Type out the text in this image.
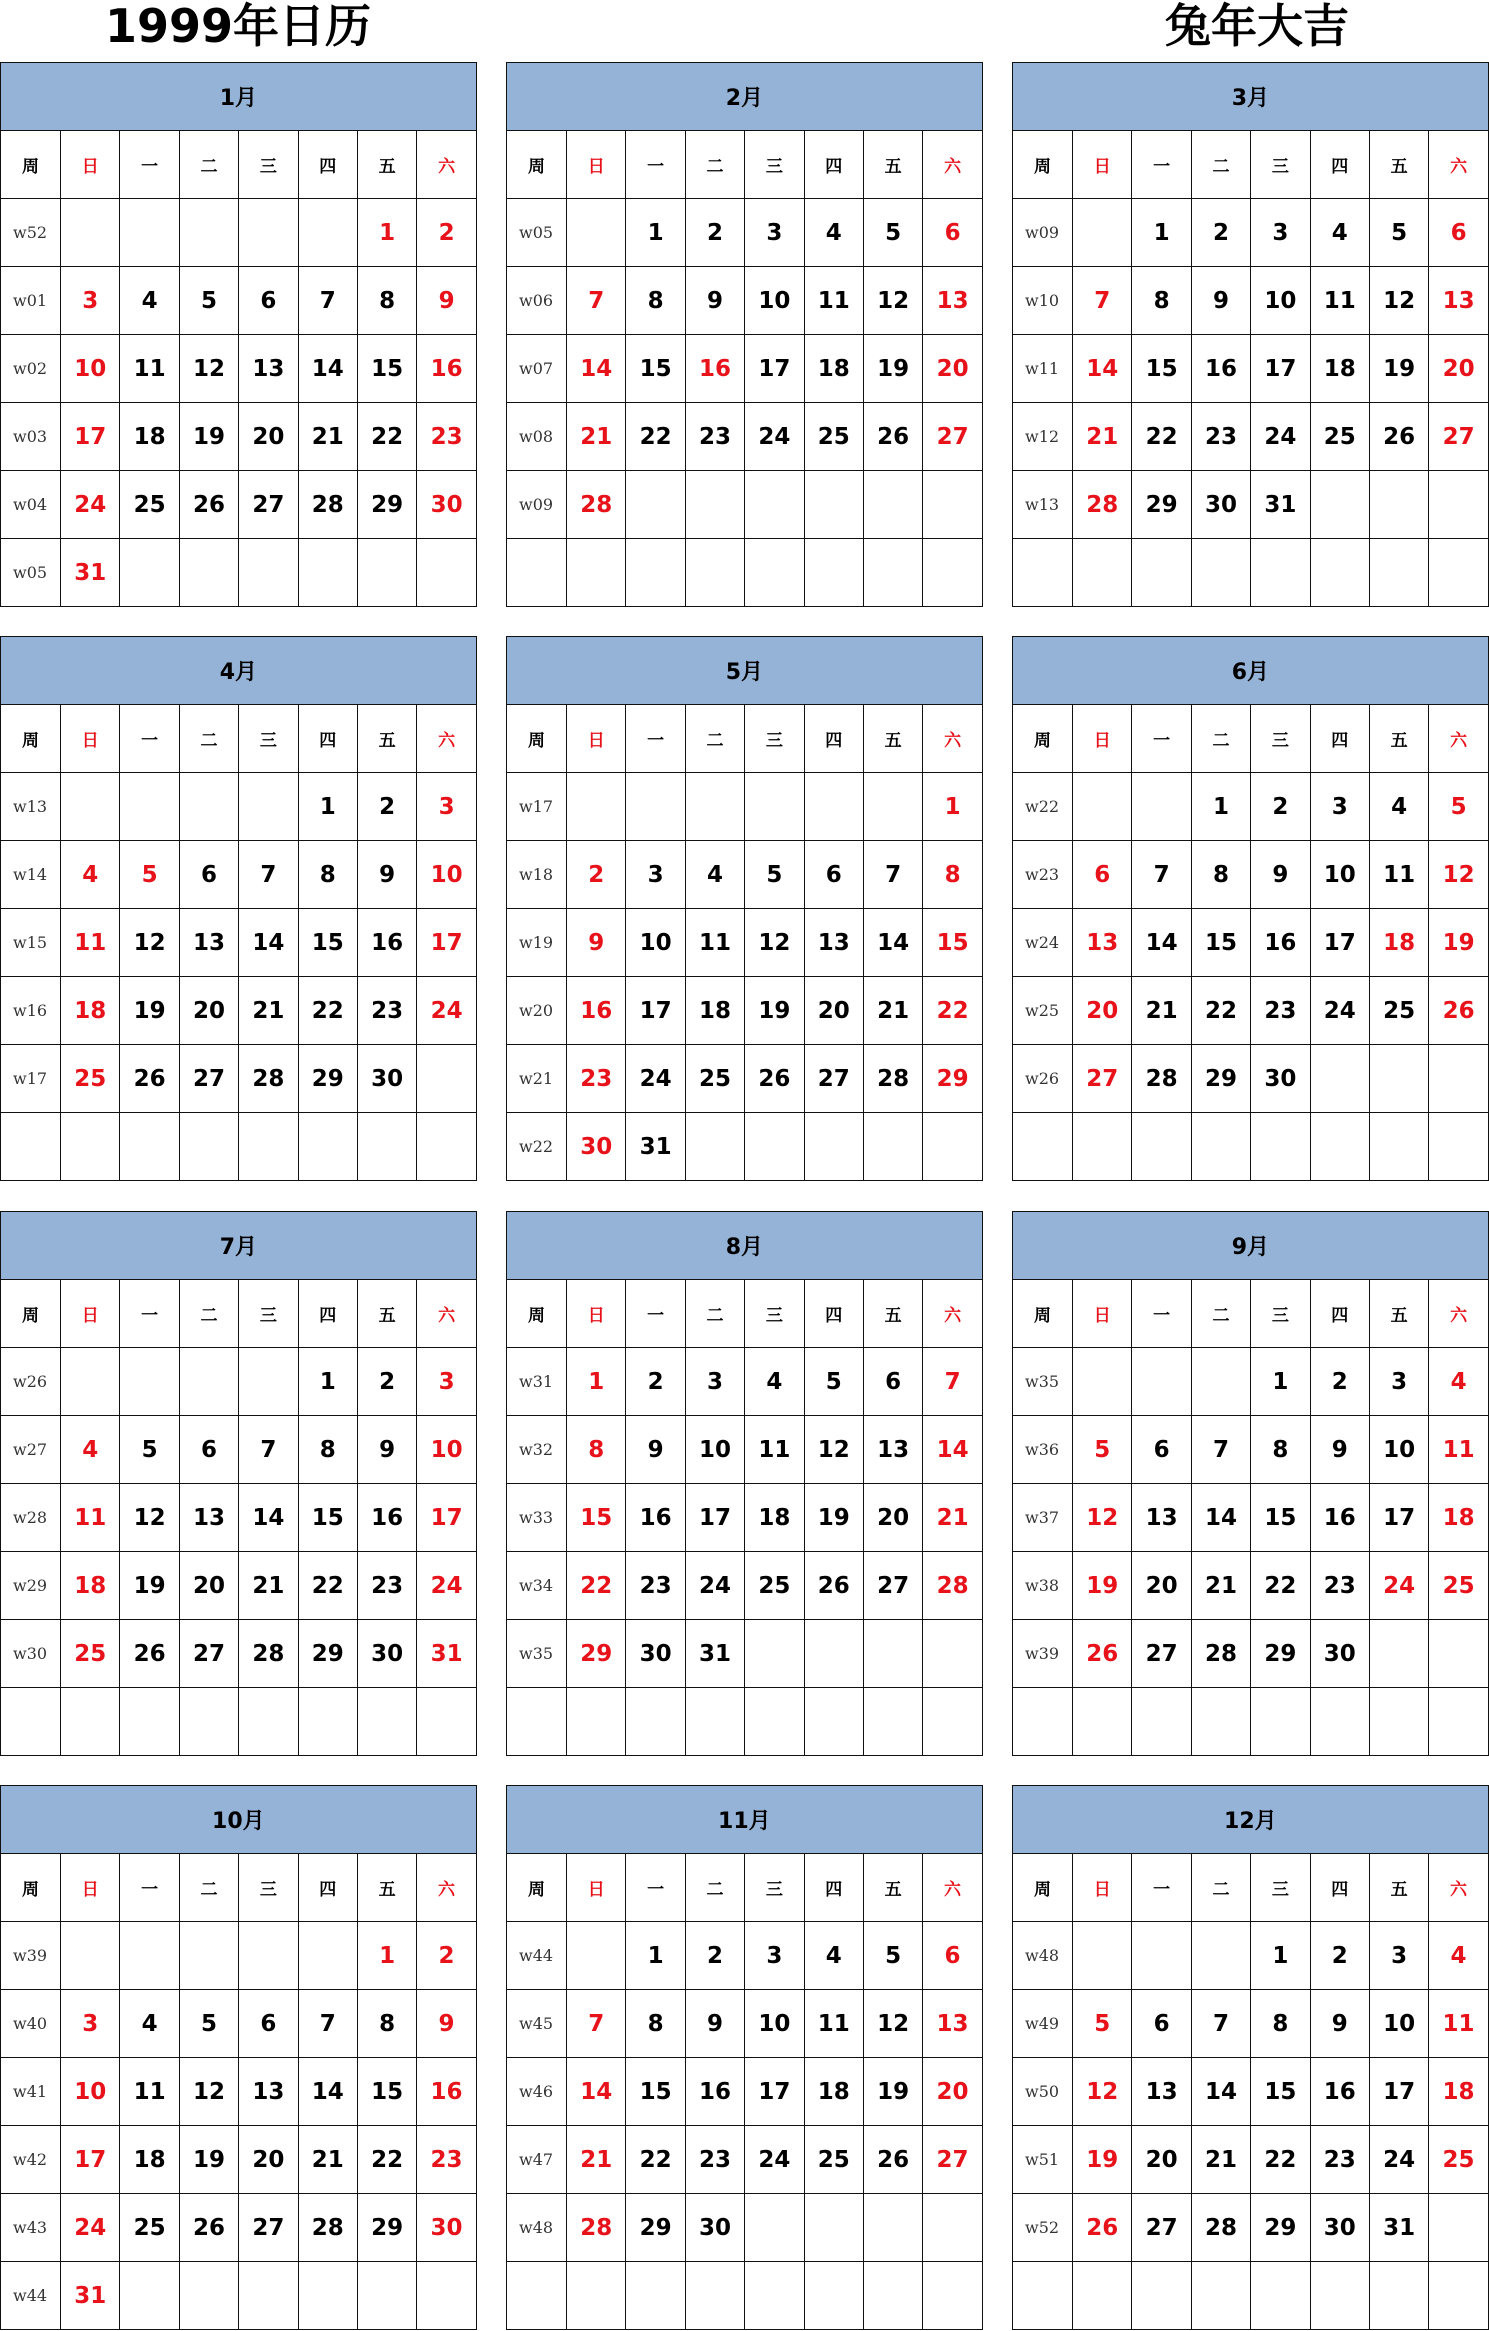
1999年日历	兔年大吉
1月							
周	日	一	二	三	四	五	六
w52						1	2
w01	3	4	5	6	7	8	9
w02	10	11	12	13	14	15	16
w03	17	18	19	20	21	22	23
w04	24	25	26	27	28	29	30
w05	31						
2月							
周	日	一	二	三	四	五	六
w05		1	2	3	4	5	6
w06	7	8	9	10	11	12	13
w07	14	15	16	17	18	19	20
w08	21	22	23	24	25	26	27
w09	28						

3月							
周	日	一	二	三	四	五	六
w09		1	2	3	4	5	6
w10	7	8	9	10	11	12	13
w11	14	15	16	17	18	19	20
w12	21	22	23	24	25	26	27
w13	28	29	30	31			

4月							
周	日	一	二	三	四	五	六
w13					1	2	3
w14	4	5	6	7	8	9	10
w15	11	12	13	14	15	16	17
w16	18	19	20	21	22	23	24
w17	25	26	27	28	29	30	

5月							
周	日	一	二	三	四	五	六
w17							1
w18	2	3	4	5	6	7	8
w19	9	10	11	12	13	14	15
w20	16	17	18	19	20	21	22
w21	23	24	25	26	27	28	29
w22	30	31					
6月							
周	日	一	二	三	四	五	六
w22			1	2	3	4	5
w23	6	7	8	9	10	11	12
w24	13	14	15	16	17	18	19
w25	20	21	22	23	24	25	26
w26	27	28	29	30			

7月							
周	日	一	二	三	四	五	六
w26					1	2	3
w27	4	5	6	7	8	9	10
w28	11	12	13	14	15	16	17
w29	18	19	20	21	22	23	24
w30	25	26	27	28	29	30	31

8月							
周	日	一	二	三	四	五	六
w31	1	2	3	4	5	6	7
w32	8	9	10	11	12	13	14
w33	15	16	17	18	19	20	21
w34	22	23	24	25	26	27	28
w35	29	30	31				

9月							
周	日	一	二	三	四	五	六
w35				1	2	3	4
w36	5	6	7	8	9	10	11
w37	12	13	14	15	16	17	18
w38	19	20	21	22	23	24	25
w39	26	27	28	29	30		

10月							
周	日	一	二	三	四	五	六
w39						1	2
w40	3	4	5	6	7	8	9
w41	10	11	12	13	14	15	16
w42	17	18	19	20	21	22	23
w43	24	25	26	27	28	29	30
w44	31						
11月							
周	日	一	二	三	四	五	六
w44		1	2	3	4	5	6
w45	7	8	9	10	11	12	13
w46	14	15	16	17	18	19	20
w47	21	22	23	24	25	26	27
w48	28	29	30				

12月							
周	日	一	二	三	四	五	六
w48				1	2	3	4
w49	5	6	7	8	9	10	11
w50	12	13	14	15	16	17	18
w51	19	20	21	22	23	24	25
w52	26	27	28	29	30	31	
